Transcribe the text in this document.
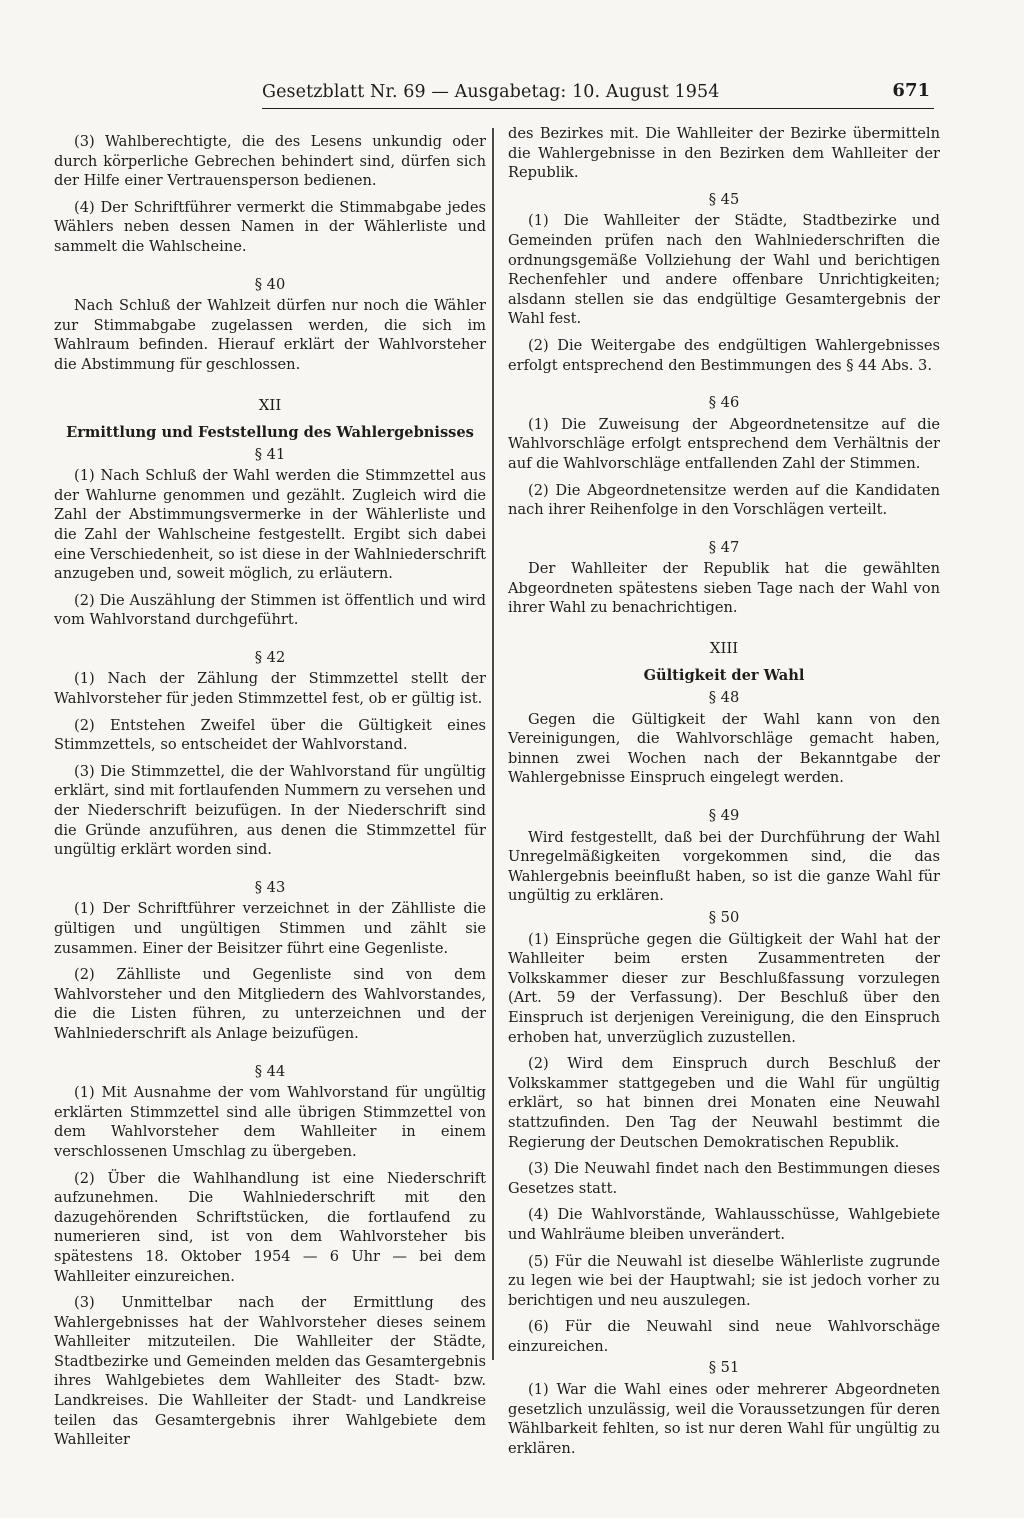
Gesetzblatt Nr. 69 — Ausgabetag: 10. August 1954	671

(3) Wahlberechtigte, die des Lesens unkundig oder durch körperliche Gebrechen behindert sind, dürfen sich der Hilfe einer Vertrauensperson bedienen.

(4) Der Schriftführer vermerkt die Stimmabgabe jedes Wählers neben dessen Namen in der Wählerliste und sammelt die Wahlscheine.

§ 40

Nach Schluß der Wahlzeit dürfen nur noch die Wähler zur Stimmabgabe zugelassen werden, die sich im Wahlraum befinden. Hierauf erklärt der Wahlvorsteher die Abstimmung für geschlossen.

XII

Ermittlung und Feststellung des Wahlergebnisses

§ 41

(1) Nach Schluß der Wahl werden die Stimmzettel aus der Wahlurne genommen und gezählt. Zugleich wird die Zahl der Abstimmungsvermerke in der Wählerliste und die Zahl der Wahlscheine festgestellt. Ergibt sich dabei eine Verschiedenheit, so ist diese in der Wahlniederschrift anzugeben und, soweit möglich, zu erläutern.

(2) Die Auszählung der Stimmen ist öffentlich und wird vom Wahlvorstand durchgeführt.

§ 42

(1) Nach der Zählung der Stimmzettel stellt der Wahlvorsteher für jeden Stimmzettel fest, ob er gültig ist.

(2) Entstehen Zweifel über die Gültigkeit eines Stimmzettels, so entscheidet der Wahlvorstand.

(3) Die Stimmzettel, die der Wahlvorstand für ungültig erklärt, sind mit fortlaufenden Nummern zu versehen und der Niederschrift beizufügen. In der Niederschrift sind die Gründe anzuführen, aus denen die Stimmzettel für ungültig erklärt worden sind.

§ 43

(1) Der Schriftführer verzeichnet in der Zählliste die gültigen und ungültigen Stimmen und zählt sie zusammen. Einer der Beisitzer führt eine Gegenliste.

(2) Zählliste und Gegenliste sind von dem Wahlvorsteher und den Mitgliedern des Wahlvorstandes, die die Listen führen, zu unterzeichnen und der Wahlniederschrift als Anlage beizufügen.

§ 44

(1) Mit Ausnahme der vom Wahlvorstand für ungültig erklärten Stimmzettel sind alle übrigen Stimmzettel von dem Wahlvorsteher dem Wahlleiter in einem verschlossenen Umschlag zu übergeben.

(2) Über die Wahlhandlung ist eine Niederschrift aufzunehmen. Die Wahlniederschrift mit den dazugehörenden Schriftstücken, die fortlaufend zu numerieren sind, ist von dem Wahlvorsteher bis spätestens 18. Oktober 1954 — 6 Uhr — bei dem Wahlleiter einzureichen.

(3) Unmittelbar nach der Ermittlung des Wahlergebnisses hat der Wahlvorsteher dieses seinem Wahlleiter mitzuteilen. Die Wahlleiter der Städte, Stadtbezirke und Gemeinden melden das Gesamtergebnis ihres Wahlgebietes dem Wahlleiter des Stadt- bzw. Landkreises. Die Wahlleiter der Stadt- und Landkreise teilen das Gesamtergebnis ihrer Wahlgebiete dem Wahlleiter

des Bezirkes mit. Die Wahlleiter der Bezirke übermitteln die Wahlergebnisse in den Bezirken dem Wahlleiter der Republik.

§ 45

(1) Die Wahlleiter der Städte, Stadtbezirke und Gemeinden prüfen nach den Wahlniederschriften die ordnungsgemäße Vollziehung der Wahl und berichtigen Rechenfehler und andere offenbare Unrichtigkeiten; alsdann stellen sie das endgültige Gesamtergebnis der Wahl fest.

(2) Die Weitergabe des endgültigen Wahlergebnisses erfolgt entsprechend den Bestimmungen des § 44 Abs. 3.

§ 46

(1) Die Zuweisung der Abgeordnetensitze auf die Wahlvorschläge erfolgt entsprechend dem Verhältnis der auf die Wahlvorschläge entfallenden Zahl der Stimmen.

(2) Die Abgeordnetensitze werden auf die Kandidaten nach ihrer Reihenfolge in den Vorschlägen verteilt.

§ 47

Der Wahlleiter der Republik hat die gewählten Abgeordneten spätestens sieben Tage nach der Wahl von ihrer Wahl zu benachrichtigen.

XIII

Gültigkeit der Wahl

§ 48

Gegen die Gültigkeit der Wahl kann von den Vereinigungen, die Wahlvorschläge gemacht haben, binnen zwei Wochen nach der Bekanntgabe der Wahlergebnisse Einspruch eingelegt werden.

§ 49

Wird festgestellt, daß bei der Durchführung der Wahl Unregelmäßigkeiten vorgekommen sind, die das Wahlergebnis beeinflußt haben, so ist die ganze Wahl für ungültig zu erklären.

§ 50

(1) Einsprüche gegen die Gültigkeit der Wahl hat der Wahlleiter beim ersten Zusammentreten der Volkskammer dieser zur Beschlußfassung vorzulegen (Art. 59 der Verfassung). Der Beschluß über den Einspruch ist derjenigen Vereinigung, die den Einspruch erhoben hat, unverzüglich zuzustellen.

(2) Wird dem Einspruch durch Beschluß der Volkskammer stattgegeben und die Wahl für ungültig erklärt, so hat binnen drei Monaten eine Neuwahl stattzufinden. Den Tag der Neuwahl bestimmt die Regierung der Deutschen Demokratischen Republik.

(3) Die Neuwahl findet nach den Bestimmungen dieses Gesetzes statt.

(4) Die Wahlvorstände, Wahlausschüsse, Wahlgebiete und Wahlräume bleiben unverändert.

(5) Für die Neuwahl ist dieselbe Wählerliste zugrunde zu legen wie bei der Hauptwahl; sie ist jedoch vorher zu berichtigen und neu auszulegen.

(6) Für die Neuwahl sind neue Wahlvorschäge einzureichen.

§ 51

(1) War die Wahl eines oder mehrerer Abgeordneten gesetzlich unzulässig, weil die Voraussetzungen für deren Wählbarkeit fehlten, so ist nur deren Wahl für ungültig zu erklären.
